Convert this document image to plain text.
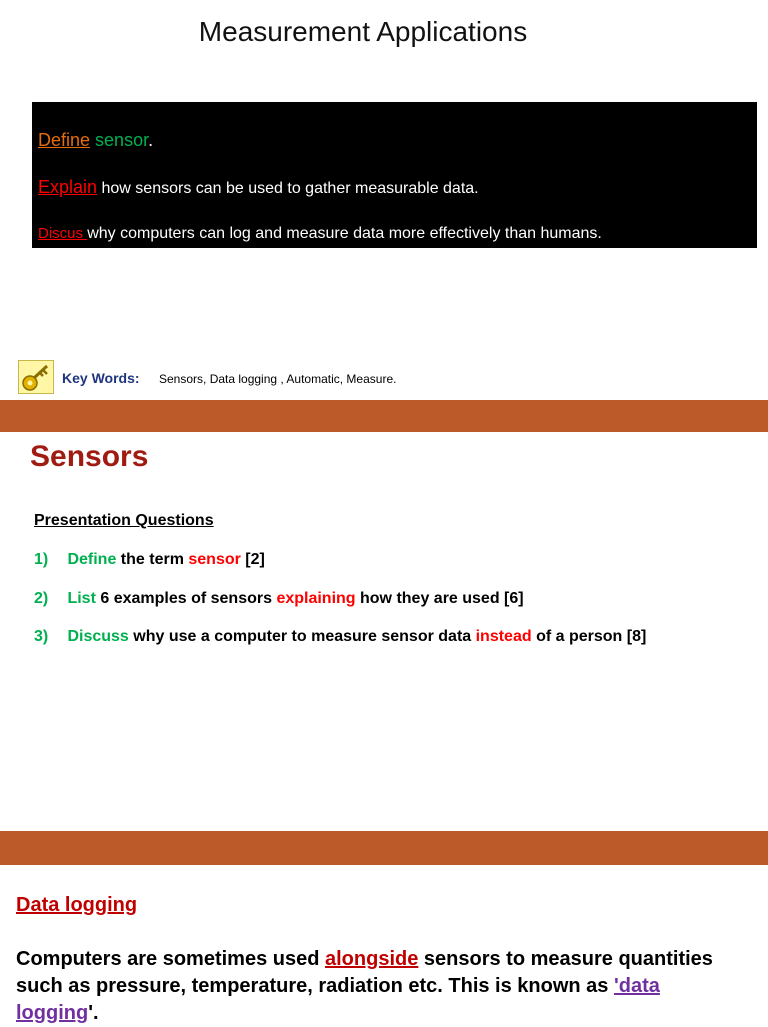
Measurement Applications
Define sensor.
Explain how sensors can be used to gather measurable data.
Discus why computers can log and measure data more effectively than humans.
Key Words: Sensors, Data logging , Automatic, Measure.
Sensors
Presentation Questions
1) Define the term sensor [2]
2) List 6 examples of sensors explaining how they are used [6]
3) Discuss why use a computer to measure sensor data instead of a person [8]
Data logging
Computers are sometimes used alongside sensors to measure quantities such as pressure, temperature, radiation etc. This is known as 'data logging'.
